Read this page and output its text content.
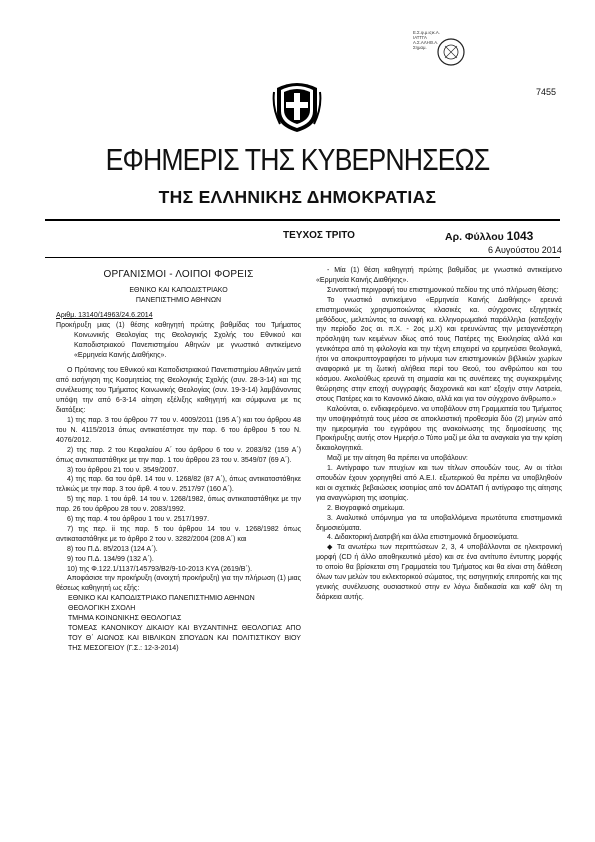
Ε.Σ.φ.μ.ιςικ.Α.
ΙΑΤΤΓΑ
Α.Σ.ΑΛΗΘ.Α.
Σημαμ.
7455
ΕΦΗΜΕΡΙΣ ΤΗΣ ΚΥΒΕΡΝΗΣΕΩΣ
ΤΗΣ ΕΛΛΗΝΙΚΗΣ ΔΗΜΟΚΡΑΤΙΑΣ
ΤΕΥΧΟΣ ΤΡΙΤΟ	Αρ. Φύλλου 1043
6 Αυγούστου 2014

ΟΡΓΑΝΙΣΜΟΙ - ΛΟΙΠΟΙ ΦΟΡΕΙΣ

ΕΘΝΙΚΟ ΚΑΙ ΚΑΠΟΔΙΣΤΡΙΑΚΟ
ΠΑΝΕΠΙΣΤΗΜΙΟ ΑΘΗΝΩΝ

Αριθμ. 13140/14963/24.6.2014

Προκήρυξη μιας (1) θέσης καθηγητή πρώτης βαθμίδας του Τμήματος Κοινωνικής Θεολογίας της Θεολογικής Σχολής του Εθνικού και Καποδιστριακού Πανεπιστημίου Αθηνών με γνωστικό αντικείμενο «Ερμηνεία Καινής Διαθήκης».

Ο Πρύτανης του Εθνικού και Καποδιστριακού Πανεπιστημίου Αθηνών μετά από εισήγηση της Κοσμητείας της Θεολογικής Σχολής (συν. 28-3-14) και της συνέλευσης του Τμήματος Κοινωνικής Θεολογίας (συν. 19-3-14) λαμβάνοντας υπόψη την από 6-3-14 αίτηση εξέλιξης καθηγητή και σύμφωνα με τις διατάξεις:

1) της παρ. 3 του άρθρου 77 του ν. 4009/2011 (195 Α΄) και του άρθρου 48 του Ν. 4115/2013 όπως αντικατέστησε την παρ. 6 του άρθρου 5 του Ν. 4076/2012.

2) της παρ. 2 του Κεφαλαίου Α΄ του άρθρου 6 του ν. 2083/92 (159 Α΄) όπως αντικαταστάθηκε με την παρ. 1 του άρθρου 23 του ν. 3549/07 (69 Α΄).

3) του άρθρου 21 του ν. 3549/2007.

4) της παρ. 6α του άρθ. 14 του ν. 1268/82 (87 Α΄), όπως αντικαταστάθηκε τελικώς με την παρ. 3 του άρθ. 4 του ν. 2517/97 (160 Α΄).

5) της παρ. 1 του άρθ. 14 του ν. 1268/1982, όπως αντικαταστάθηκε με την παρ. 26 του άρθρου 28 του ν. 2083/1992.

6) της παρ. 4 του άρθρου 1 του ν. 2517/1997.

7) της περ. ii της παρ. 5 του άρθρου 14 του ν. 1268/1982 όπως αντικαταστάθηκε με το άρθρο 2 του ν. 3282/2004 (208 Α΄) και

8) του Π.Δ. 85/2013 (124 Α΄).

9) του Π.Δ. 134/99 (132 Α΄).

10) της Φ.122.1/1137/145793/Β2/9-10-2013 ΚΥΑ (2619/Β΄).

Αποφάσισε την προκήρυξη (ανοιχτή προκήρυξη) για την πλήρωση (1) μιας θέσεως καθηγητή ως εξής:

ΕΘΝΙΚΟ ΚΑΙ ΚΑΠΟΔΙΣΤΡΙΑΚΟ ΠΑΝΕΠΙΣΤΗΜΙΟ ΑΘΗΝΩΝ

ΘΕΟΛΟΓΙΚΗ ΣΧΟΛΗ

ΤΜΗΜΑ ΚΟΙΝΩΝΙΚΗΣ ΘΕΟΛΟΓΙΑΣ

ΤΟΜΕΑΣ ΚΑΝΟΝΙΚΟΥ ΔΙΚΑΙΟΥ ΚΑΙ ΒΥΖΑΝΤΙΝΗΣ ΘΕΟΛΟΓΙΑΣ ΑΠΟ ΤΟΥ Θ΄ ΑΙΩΝΟΣ ΚΑΙ ΒΙΒΛΙΚΩΝ ΣΠΟΥΔΩΝ ΚΑΙ ΠΟΛΙΤΙΣΤΙΚΟΥ ΒΙΟΥ ΤΗΣ ΜΕΣΟΓΕΙΟΥ (Γ.Σ.: 12-3-2014)

- Μία (1) θέση καθηγητή πρώτης βαθμίδας με γνωστικό αντικείμενο «Ερμηνεία Καινής Διαθήκης».

Συνοπτική περιγραφή του επιστημονικού πεδίου της υπό πλήρωση θέσης:

Το γνωστικό αντικείμενο «Ερμηνεία Καινής Διαθήκης» ερευνά επιστημονικώς χρησιμοποιώντας κλασικές κα. σύγχρονες εξηγητικές μεθόδους, μελετώντας τα συναφή κα. ελληνορωμαϊκά παράλληλα (κατεξοχήν την περίοδο 2ος αι. π.Χ. - 2ος μ.Χ) και ερευνώντας την μεταγενέστερη πρόσληψη των κειμένων ιδίως από τους Πατέρες της Εκκλησίας αλλά και γενικότερα από τη φιλολογία και την τέχνη επιχειρεί να ερμηνεύσει θεολογικά, ήτοι να αποκρυπτογραφήσει το μήνυμα των επιστημονικών βιβλικών χωρίων αναφορικά με τη ζωτική αλήθεια περί του Θεού, του ανθρώπου και του κόσμου. Ακολούθως ερευνά τη σημασία και τις συνέπειες της συγκεκριμένης θεώρησης στην εποχή συγγραφής διαχρονικά και κατ' εξοχήν στην Λατρεία, στους Πατέρες και το Κανονικό Δίκαιο, αλλά και για τον σύγχρονο άνθρωπο.»

Καλούνται, ο. ενδιαφερόμενο. να υποβάλουν στη Γραμματεία του Τμήματος την υποψηφιότητά τους μέσα σε αποκλειστική προθεσμία δύο (2) μηνών από την ημερομηνία του εγγράφου της ανακοίνωσης της δημοσίευσης της Προκήρυξης αυτής στον Ημερήσ.ο Τύπο μαζί με όλα τα αναγκαία για την κρίση δικαιολογητικά.

Μαζί με την αίτηση θα πρέπει να υποβάλουν:

1. Αντίγραφο των πτυχίων και των τίτλων σπουδών τους. Αν οι τίτλοι σπουδών έχουν χορηγηθεί από Α.Ε.Ι. εξωτερικού θα πρέπει να υποβληθούν και οι σχετικές βεβαιώσεις ισοτιμίας από τον ΔΟΑΤΑΠ ή αντίγραφο της αίτησης για αναγνώριση της ισοτιμίας.

2. Βιογραφικό σημείωμα.

3. Αναλυτικό υπόμνημα για τα υποβαλλόμενα πρωτότυπα επιστημονικά δημοσιεύματα.

4. Διδακτορική Διατριβή και άλλα επιστημονικά δημοσιεύματα.

◆ Τα ανωτέρω των περιπτώσεων 2, 3, 4 υποβάλλονται σε ηλεκτρονική μορφή (CD ή άλλο αποθηκευτικό μέσο) και σε ένα αντίτυπο έντυπης μορφής το οποίο θα βρίσκεται στη Γραμματεία του Τμήματος και θα είναι στη διάθεση όλων των μελών του εκλεκτορικού σώματος, της εισηγητικής επιτροπής και της γενικής συνέλευσης ουσιαστικού στην εν λόγω διαδικασία και καθ' όλη τη διάρκεια αυτής.
